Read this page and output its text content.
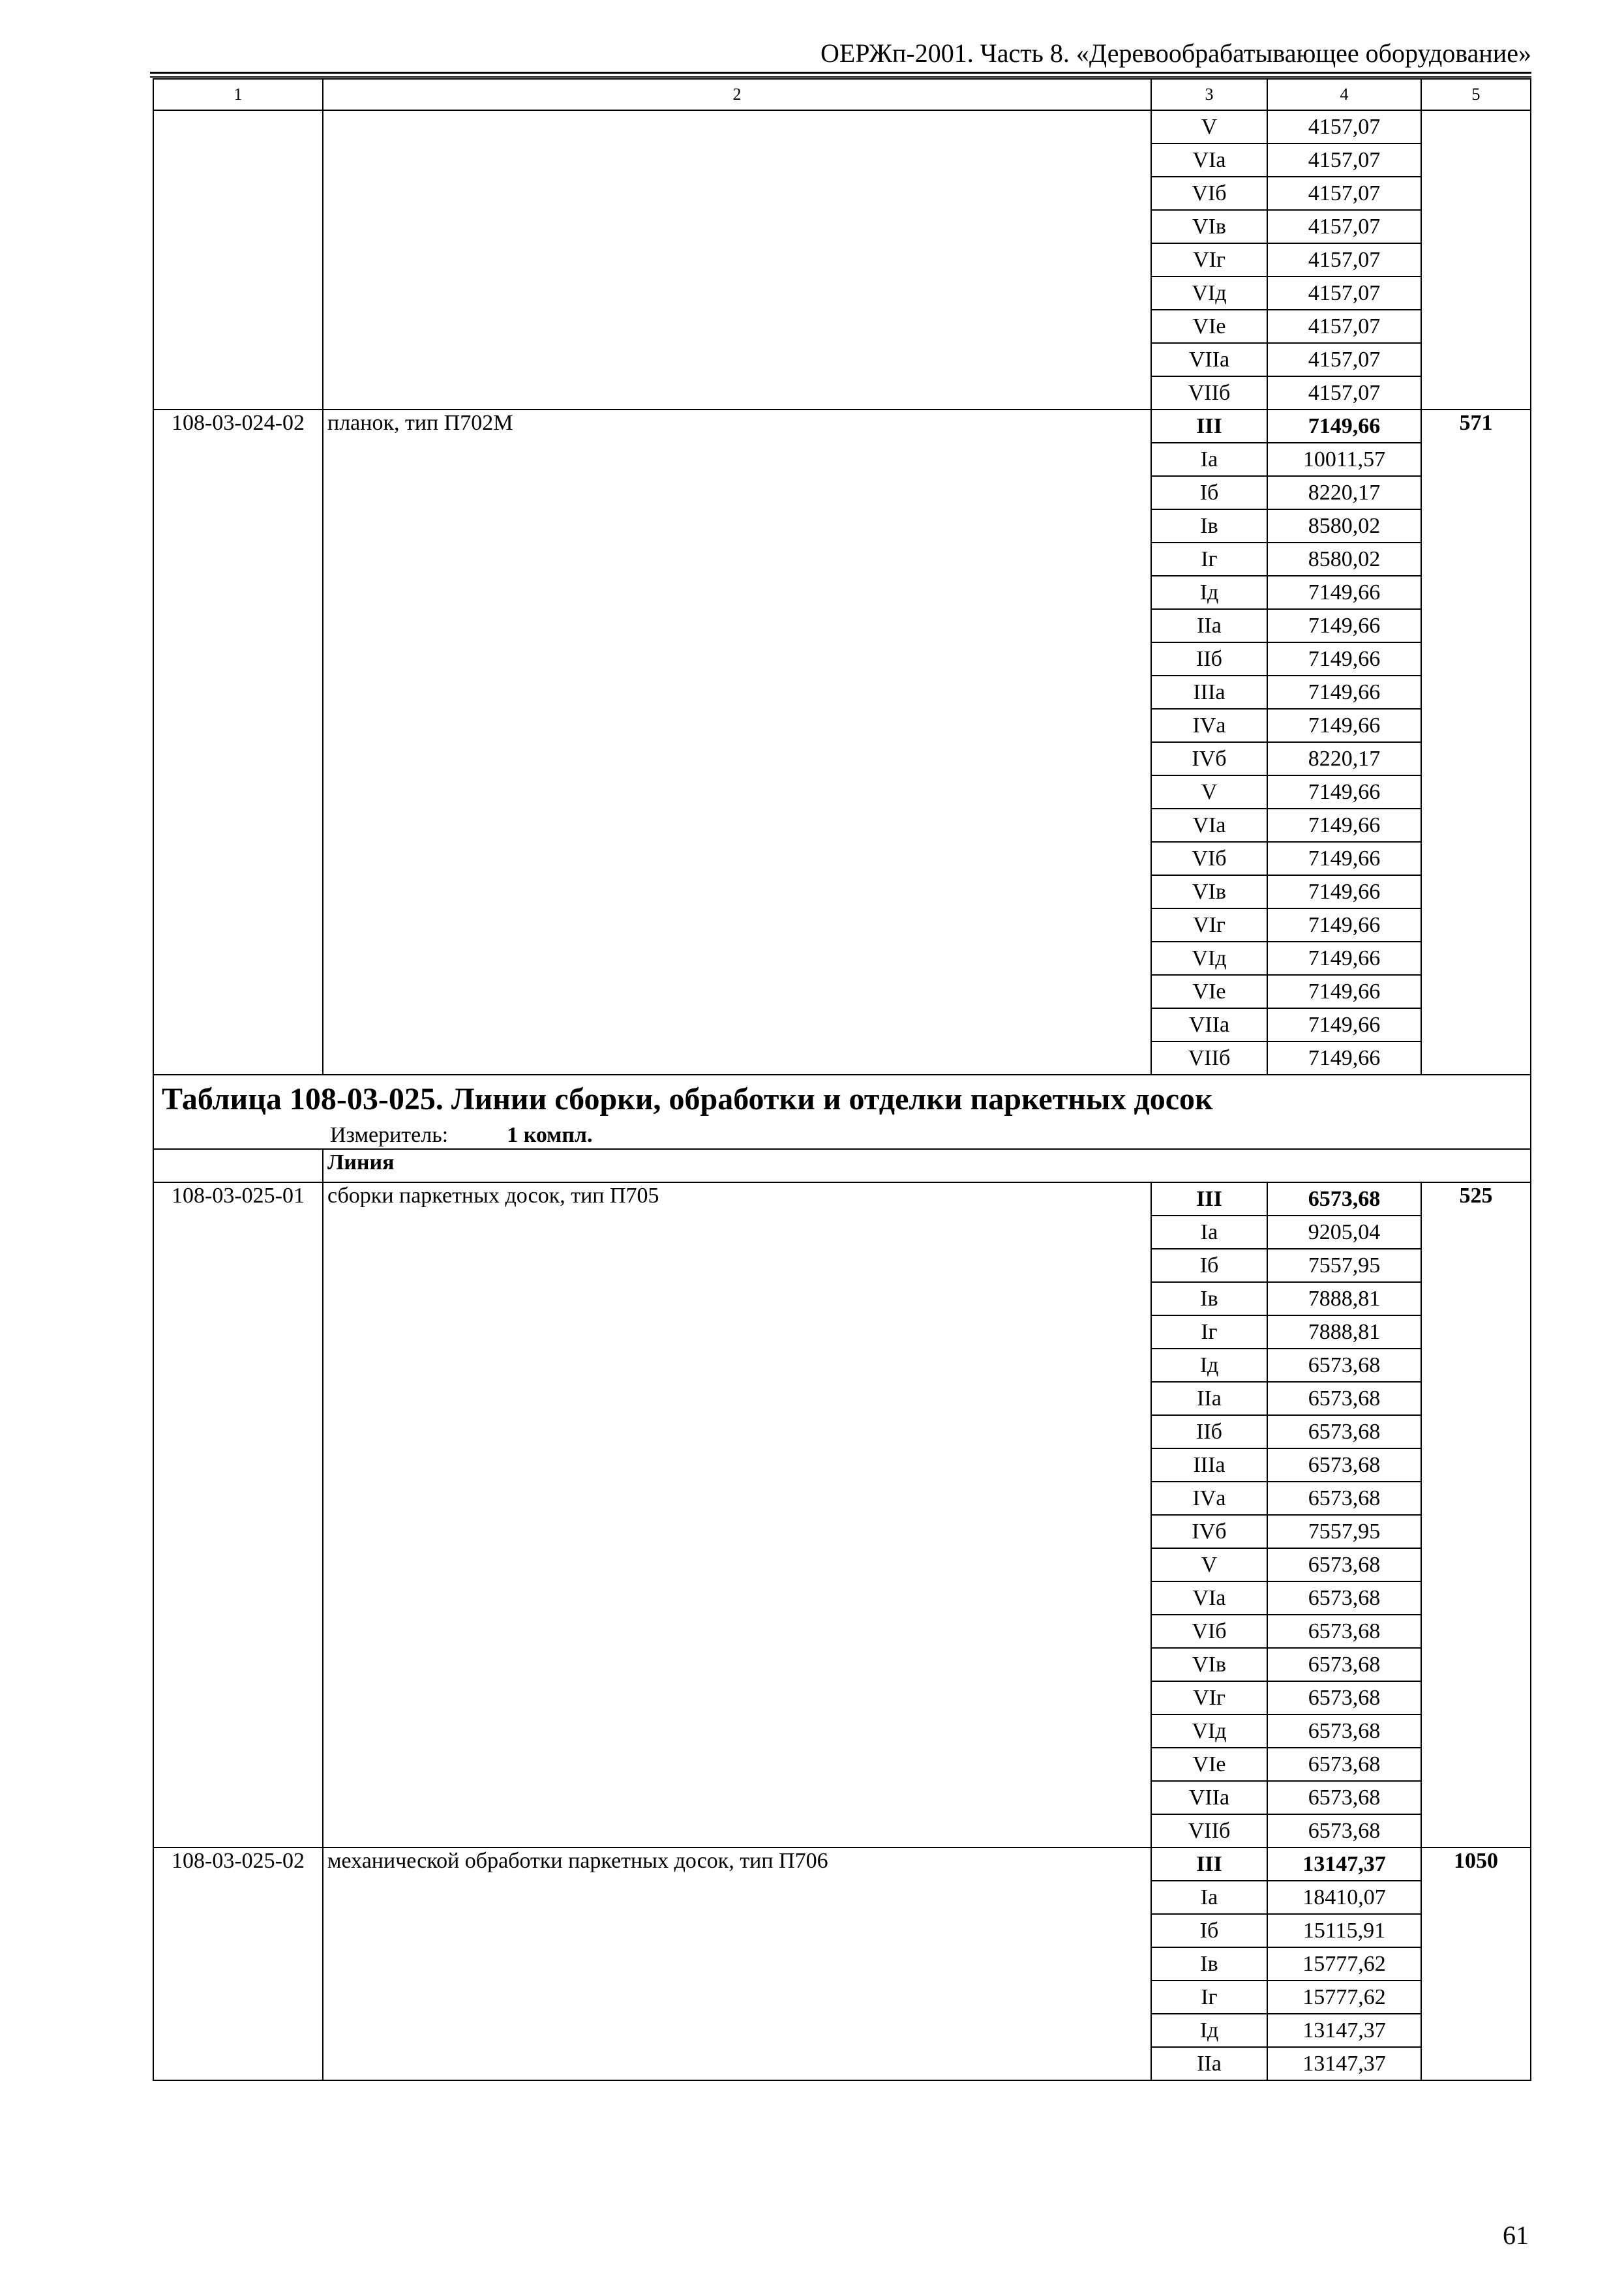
ОЕРЖп-2001. Часть 8. «Деревообрабатывающее оборудование»
1	2	3	4	5
		V	4157,07	
		VIа	4157,07	
		VIб	4157,07	
		VIв	4157,07	
		VIг	4157,07	
		VIд	4157,07	
		VIе	4157,07	
		VIIа	4157,07	
		VIIб	4157,07	
108-03-024-02	планок, тип П702М	III	7149,66	571
		Iа	10011,57	
		Iб	8220,17	
		Iв	8580,02	
		Iг	8580,02	
		Iд	7149,66	
		IIа	7149,66	
		IIб	7149,66	
		IIIа	7149,66	
		IVа	7149,66	
		IVб	8220,17	
		V	7149,66	
		VIа	7149,66	
		VIб	7149,66	
		VIв	7149,66	
		VIг	7149,66	
		VIд	7149,66	
		VIе	7149,66	
		VIIа	7149,66	
		VIIб	7149,66	

Таблица 108-03-025. Линии сборки, обработки и отделки паркетных досок
Измеритель: 1 компл.				

	Линия			
108-03-025-01	сборки паркетных досок, тип П705	III	6573,68	525
		Iа	9205,04	
		Iб	7557,95	
		Iв	7888,81	
		Iг	7888,81	
		Iд	6573,68	
		IIа	6573,68	
		IIб	6573,68	
		IIIа	6573,68	
		IVа	6573,68	
		IVб	7557,95	
		V	6573,68	
		VIа	6573,68	
		VIб	6573,68	
		VIв	6573,68	
		VIг	6573,68	
		VIд	6573,68	
		VIе	6573,68	
		VIIа	6573,68	
		VIIб	6573,68	
108-03-025-02	механической обработки паркетных досок, тип П706	III	13147,37	1050
		Iа	18410,07	
		Iб	15115,91	
		Iв	15777,62	
		Iг	15777,62	
		Iд	13147,37	
		IIа	13147,37	
61
